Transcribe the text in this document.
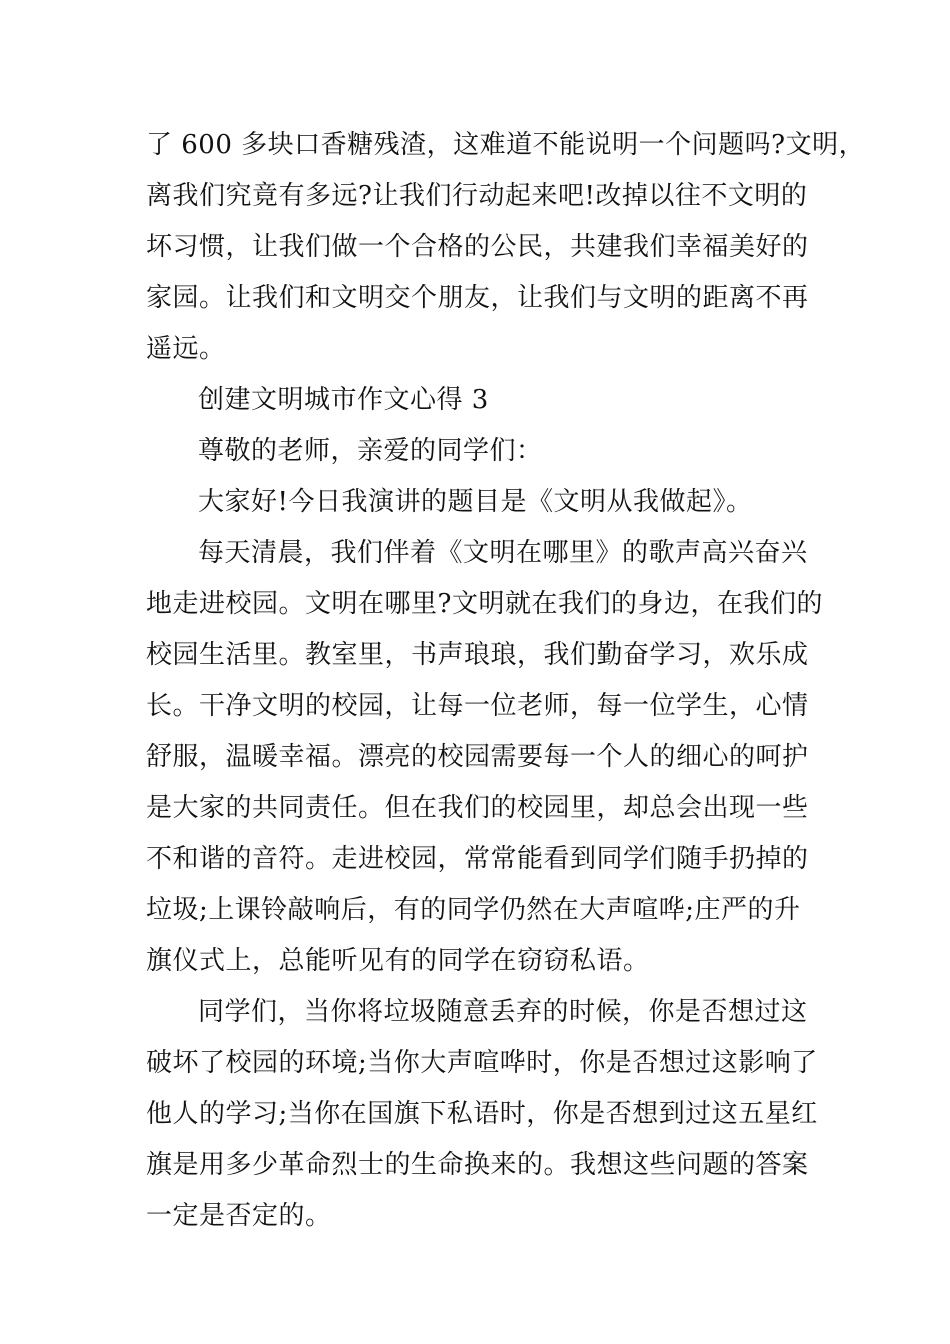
了 600 多块口香糖残渣，这难道不能说明一个问题吗?文明，
离我们究竟有多远?让我们行动起来吧!改掉以往不文明的
坏习惯，让我们做一个合格的公民，共建我们幸福美好的
家园。让我们和文明交个朋友，让我们与文明的距离不再
遥远。
创建文明城市作文心得 3
尊敬的老师，亲爱的同学们：
大家好!今日我演讲的题目是《文明从我做起》。
每天清晨，我们伴着《文明在哪里》的歌声高兴奋兴
地走进校园。文明在哪里?文明就在我们的身边，在我们的
校园生活里。教室里，书声琅琅，我们勤奋学习，欢乐成
长。干净文明的校园，让每一位老师，每一位学生，心情
舒服，温暖幸福。漂亮的校园需要每一个人的细心的呵护
是大家的共同责任。但在我们的校园里，却总会出现一些
不和谐的音符。走进校园，常常能看到同学们随手扔掉的
垃圾;上课铃敲响后，有的同学仍然在大声喧哗;庄严的升
旗仪式上，总能听见有的同学在窃窃私语。
同学们，当你将垃圾随意丢弃的时候，你是否想过这
破坏了校园的环境;当你大声喧哗时，你是否想过这影响了
他人的学习;当你在国旗下私语时，你是否想到过这五星红
旗是用多少革命烈士的生命换来的。我想这些问题的答案
一定是否定的。
